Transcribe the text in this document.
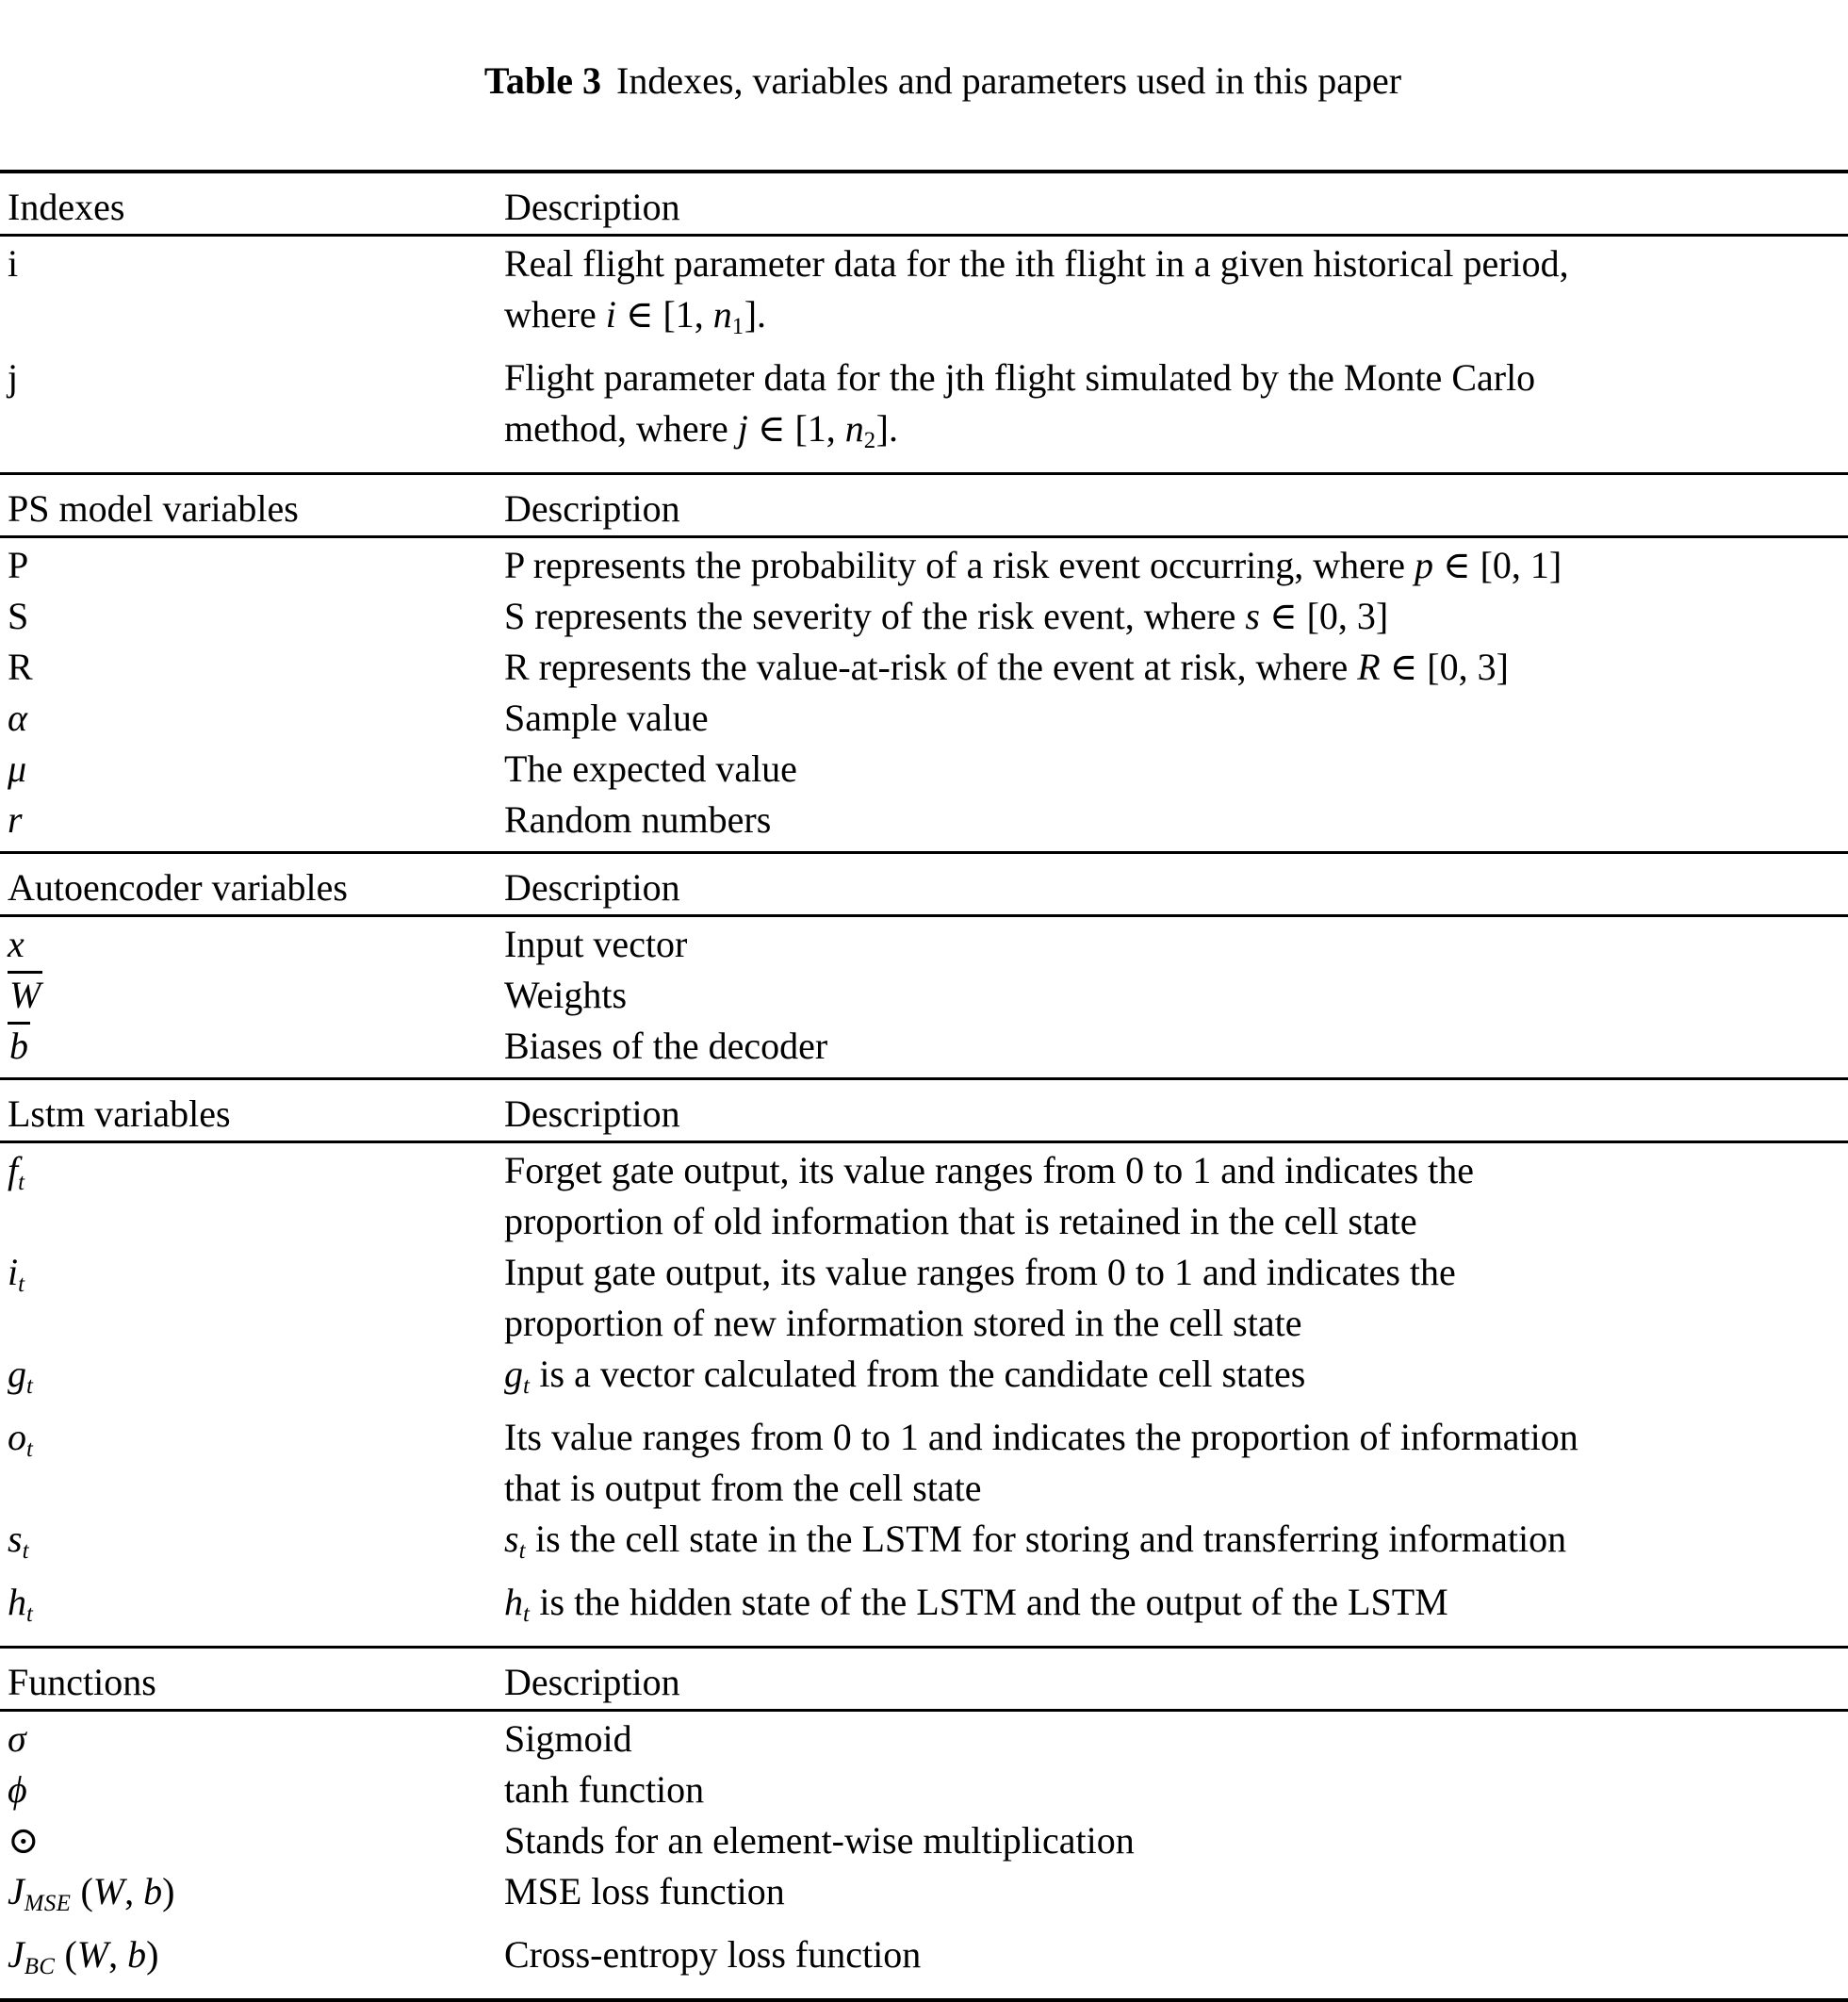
Table 3 Indexes, variables and parameters used in this paper

Indexes	Description
i	Real flight parameter data for the ith flight in a given historical period,
where i ∈ [1, $n_1$].
j	Flight parameter data for the jth flight simulated by the Monte Carlo
method, where j ∈ [1, $n_2$].
PS model variables	Description
P	P represents the probability of a risk event occurring, where p ∈ [0, 1]
S	S represents the severity of the risk event, where s ∈ [0, 3]
R	R represents the value-at-risk of the event at risk, where R ∈ [0, 3]
α	Sample value
μ	The expected value
r	Random numbers
Autoencoder variables	Description
x	Input vector
W	Weights
b	Biases of the decoder
Lstm variables	Description
$f_t$	Forget gate output, its value ranges from 0 to 1 and indicates the
proportion of old information that is retained in the cell state
$i_t$	Input gate output, its value ranges from 0 to 1 and indicates the
proportion of new information stored in the cell state
$g_t$	$g_t$ is a vector calculated from the candidate cell states
$o_t$	Its value ranges from 0 to 1 and indicates the proportion of information
that is output from the cell state
$s_t$	$s_t$ is the cell state in the LSTM for storing and transferring information
$h_t$	$h_t$ is the hidden state of the LSTM and the output of the LSTM
Functions	Description
σ	Sigmoid
ϕ	tanh function
⊙	Stands for an element-wise multiplication
$J_{MSE}$ (W, b)	MSE loss function
$J_{BC}$ (W, b)	Cross-entropy loss function
